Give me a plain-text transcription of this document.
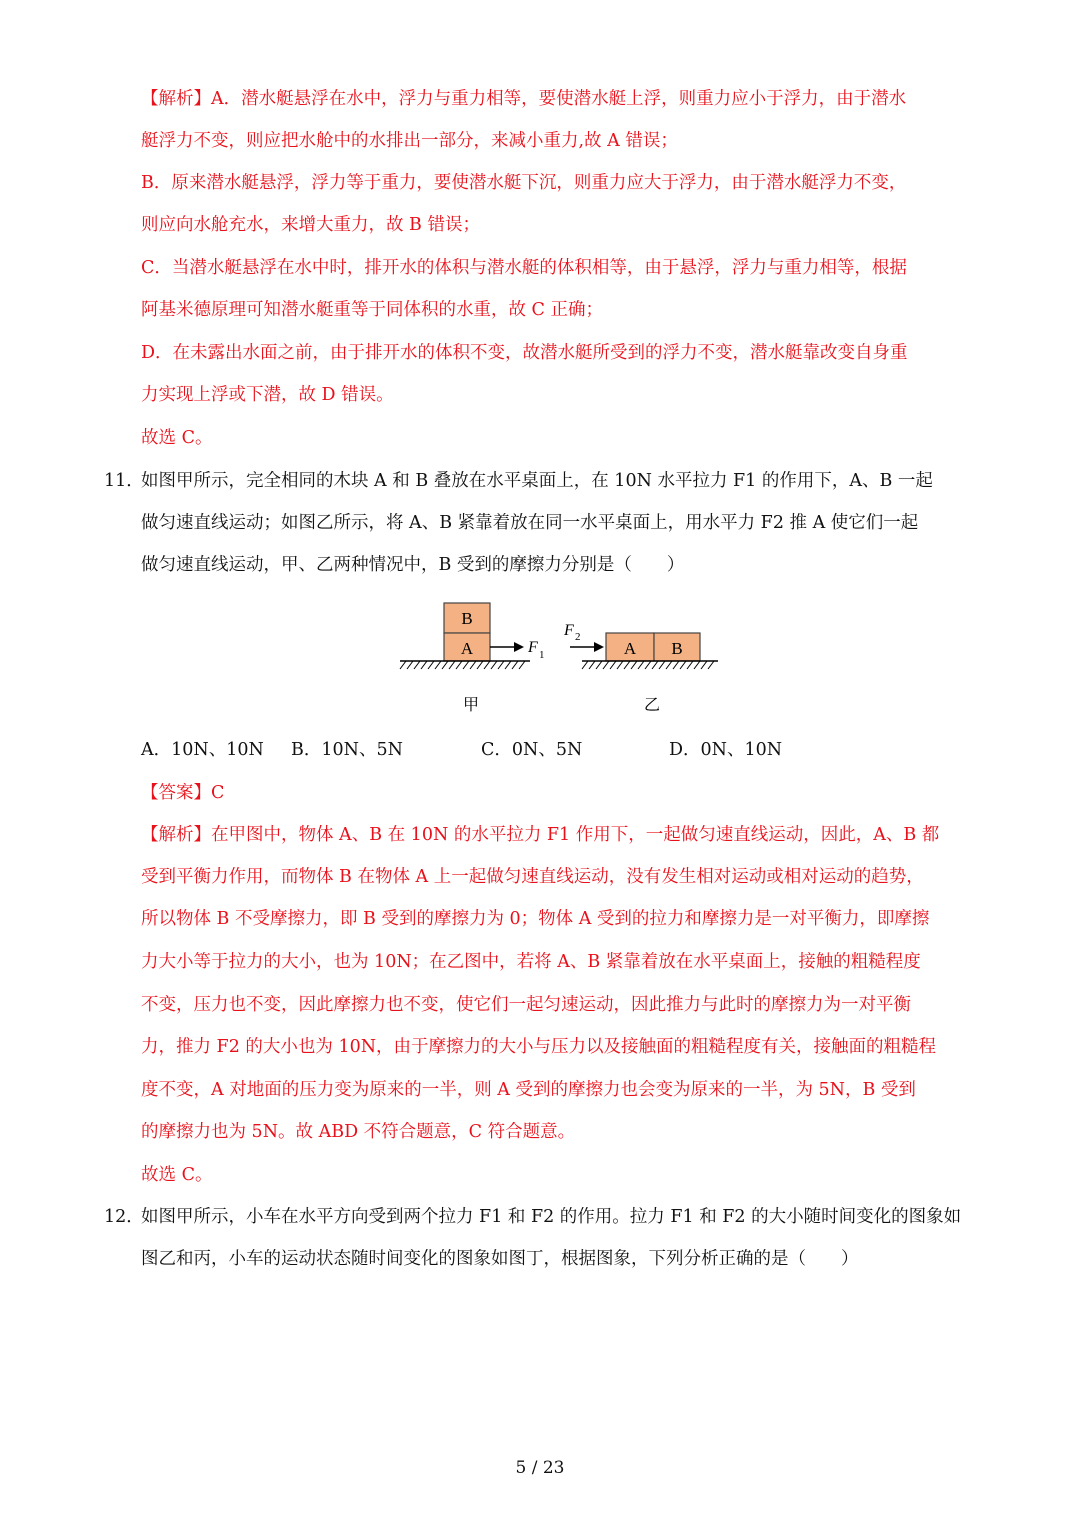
【解析】A．潜水艇悬浮在水中，浮力与重力相等，要使潜水艇上浮，则重力应小于浮力，由于潜水
艇浮力不变，则应把水舱中的水排出一部分，来减小重力,故 A 错误；
B．原来潜水艇悬浮，浮力等于重力，要使潜水艇下沉，则重力应大于浮力，由于潜水艇浮力不变，
则应向水舱充水，来增大重力，故 B 错误；
C．当潜水艇悬浮在水中时，排开水的体积与潜水艇的体积相等，由于悬浮，浮力与重力相等，根据
阿基米德原理可知潜水艇重等于同体积的水重，故 C 正确；
D．在未露出水面之前，由于排开水的体积不变，故潜水艇所受到的浮力不变，潜水艇靠改变自身重
力实现上浮或下潜，故 D 错误。
故选 C。
11．
如图甲所示，完全相同的木块 A 和 B 叠放在水平桌面上，在 10N 水平拉力 F1 的作用下，A、B 一起
做匀速直线运动；如图乙所示，将 A、B 紧靠着放在同一水平桌面上，用水平力 F2 推 A 使它们一起
做匀速直线运动，甲、乙两种情况中，B 受到的摩擦力分别是（　　）
B
A	F 1
F 2
A B
甲	乙
A．10N、10N B．10N、5N	C．0N、5N	D．0N、10N
【答案】C
【解析】在甲图中，物体 A、B 在 10N 的水平拉力 F1 作用下，一起做匀速直线运动，因此，A、B 都
受到平衡力作用，而物体 B 在物体 A 上一起做匀速直线运动，没有发生相对运动或相对运动的趋势，
所以物体 B 不受摩擦力，即 B 受到的摩擦力为 0；物体 A 受到的拉力和摩擦力是一对平衡力，即摩擦
力大小等于拉力的大小，也为 10N；在乙图中，若将 A、B 紧靠着放在水平桌面上，接触的粗糙程度
不变，压力也不变，因此摩擦力也不变，使它们一起匀速运动，因此推力与此时的摩擦力为一对平衡
力，推力 F2 的大小也为 10N，由于摩擦力的大小与压力以及接触面的粗糙程度有关，接触面的粗糙程
度不变，A 对地面的压力变为原来的一半，则 A 受到的摩擦力也会变为原来的一半，为 5N，B 受到
的摩擦力也为 5N。故 ABD 不符合题意，C 符合题意。
故选 C。
12．
如图甲所示，小车在水平方向受到两个拉力 F1 和 F2 的作用。拉力 F1 和 F2 的大小随时间变化的图象如
图乙和丙，小车的运动状态随时间变化的图象如图丁，根据图象，下列分析正确的是（　　）
5 / 23
